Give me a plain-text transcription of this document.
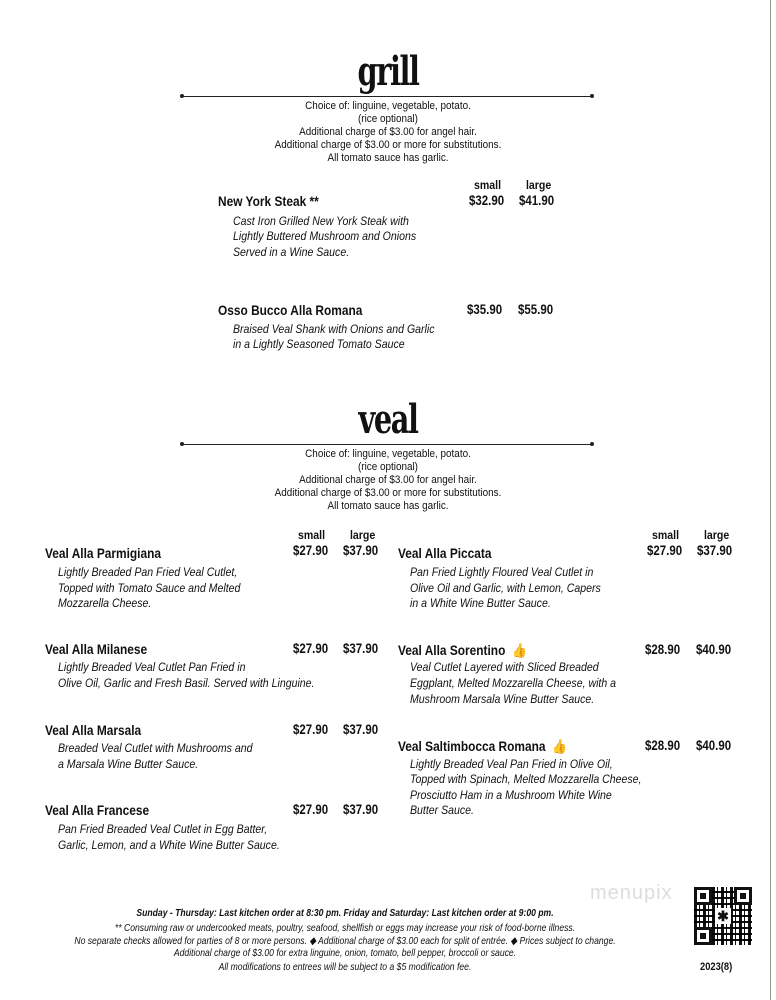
grill
Choice of: linguine, vegetable, potato.
(rice optional)
Additional charge of $3.00 for angel hair.
Additional charge of $3.00 or more for substitutions.
All tomato sauce has garlic.
small large
New York Steak **	$32.90 $41.90
Cast Iron Grilled New York Steak with
Lightly Buttered Mushroom and Onions
Served in a Wine Sauce.
Osso Bucco Alla Romana	$35.90 $55.90
Braised Veal Shank with Onions and Garlic
in a Lightly Seasoned Tomato Sauce
veal
Choice of: linguine, vegetable, potato.
(rice optional)
Additional charge of $3.00 for angel hair.
Additional charge of $3.00 or more for substitutions.
All tomato sauce has garlic.
small large	small large
Veal Alla Parmigiana	$27.90 $37.90
Lightly Breaded Pan Fried Veal Cutlet,
Topped with Tomato Sauce and Melted
Mozzarella Cheese.
Veal Alla Milanese	$27.90 $37.90
Lightly Breaded Veal Cutlet Pan Fried in
Olive Oil, Garlic and Fresh Basil. Served with Linguine.
Veal Alla Marsala	$27.90 $37.90
Breaded Veal Cutlet with Mushrooms and
a Marsala Wine Butter Sauce.
Veal Alla Francese	$27.90 $37.90
Pan Fried Breaded Veal Cutlet in Egg Batter,
Garlic, Lemon, and a White Wine Butter Sauce.
Veal Alla Piccata	$27.90 $37.90
Pan Fried Lightly Floured Veal Cutlet in
Olive Oil and Garlic, with Lemon, Capers
in a White Wine Butter Sauce.
Veal Alla Sorentino 👍	$28.90 $40.90
Veal Cutlet Layered with Sliced Breaded
Eggplant, Melted Mozzarella Cheese, with a
Mushroom Marsala Wine Butter Sauce.
Veal Saltimbocca Romana 👍	$28.90 $40.90
Lightly Breaded Veal Pan Fried in Olive Oil,
Topped with Spinach, Melted Mozzarella Cheese,
Prosciutto Ham in a Mushroom White Wine
Butter Sauce.
menupix
Sunday - Thursday: Last kitchen order at 8:30 pm. Friday and Saturday: Last kitchen order at 9:00 pm.
** Consuming raw or undercooked meats, poultry, seafood, shellfish or eggs may increase your risk of food-borne illness.
No separate checks allowed for parties of 8 or more persons. ◆ Additional charge of $3.00 each for split of entrée. ◆ Prices subject to change.
Additional charge of $3.00 for extra linguine, onion, tomato, bell pepper, broccoli or sauce.
All modifications to entrees will be subject to a $5 modification fee.
✱
2023(8)
